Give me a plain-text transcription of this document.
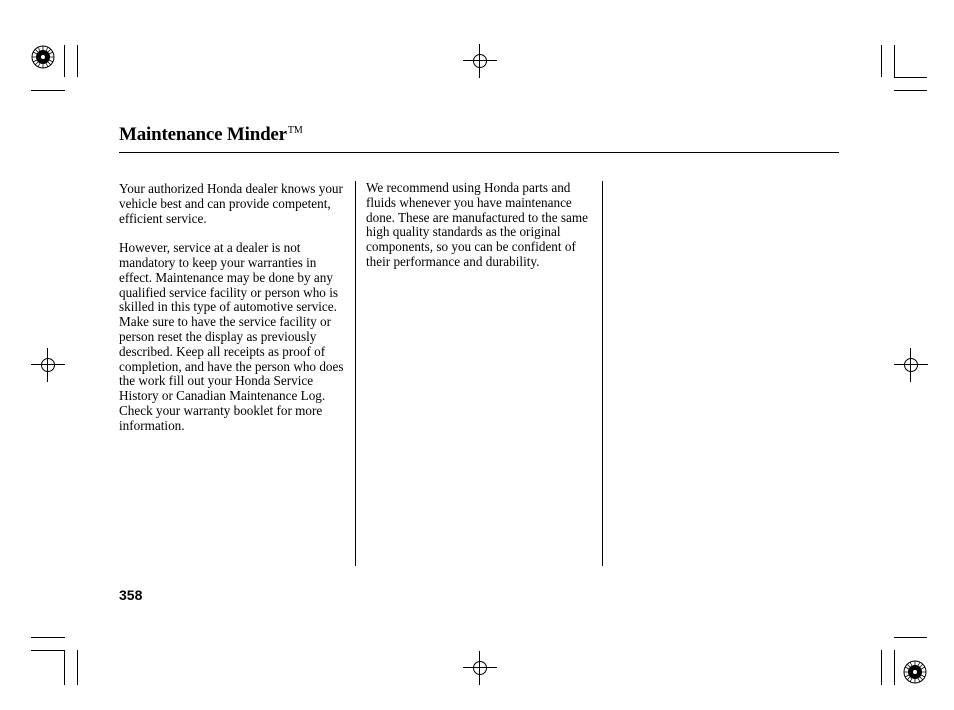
Maintenance Minder™

Your authorized Honda dealer knows your vehicle best and can provide competent, efficient service.

However, service at a dealer is not mandatory to keep your warranties in effect. Maintenance may be done by any qualified service facility or person who is skilled in this type of automotive service. Make sure to have the service facility or person reset the display as previously described. Keep all receipts as proof of completion, and have the person who does the work fill out your Honda Service History or Canadian Maintenance Log. Check your warranty booklet for more information.

We recommend using Honda parts and fluids whenever you have maintenance done. These are manufactured to the same high quality standards as the original components, so you can be confident of their performance and durability.

358
